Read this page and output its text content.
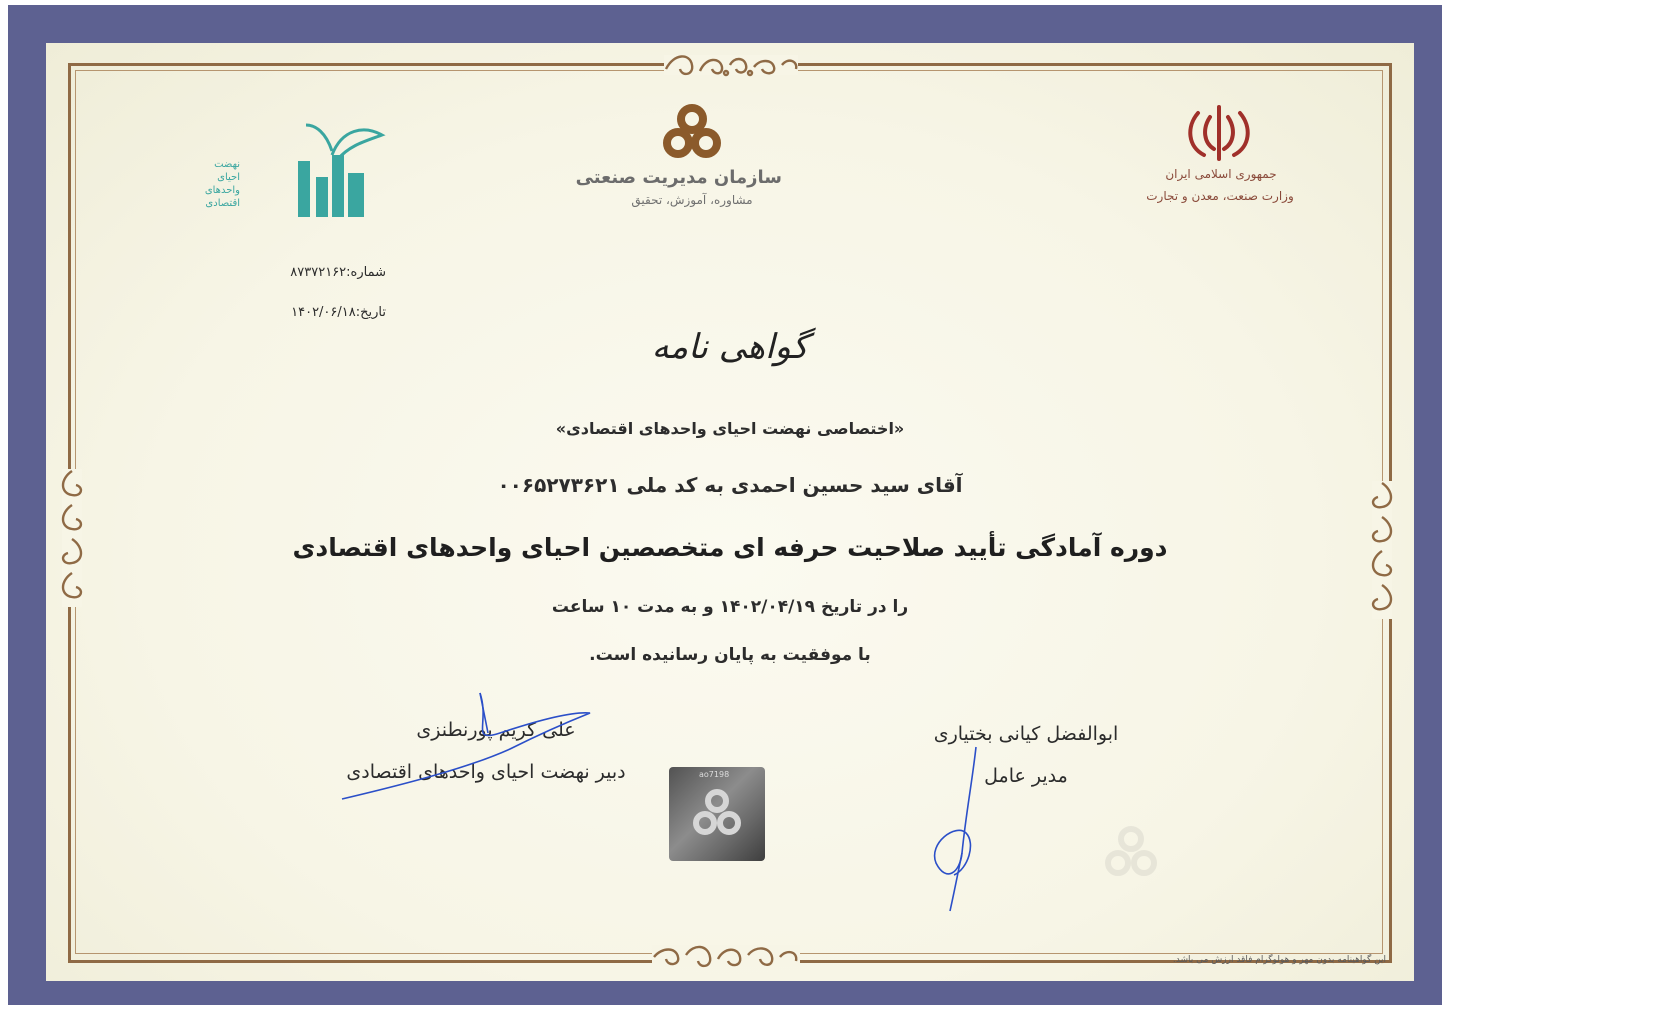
جمهوری اسلامی ایران
وزارت صنعت، معدن و تجارت
سازمان مدیریت صنعتی
مشاوره، آموزش، تحقیق
نهضت
احیای
واحدهای
اقتصادی
شماره:۸۷۳۷۲۱۶۲
تاریخ:۱۴۰۲/۰۶/۱۸
گواهی نامه
«اختصاصی نهضت احیای واحدهای اقتصادی»
آقای سید حسین احمدی به کد ملی ۰۰۶۵۲۷۳۶۲۱
دوره آمادگی تأیید صلاحیت حرفه ای متخصصین احیای واحدهای اقتصادی
را در تاریخ ۱۴۰۲/۰۴/۱۹ و به مدت ۱۰ ساعت
با موفقیت به پایان رسانیده است.
علی کریم پورنطنزی
دبیر نهضت احیای واحدهای اقتصادی	ao7198
ابوالفضل کیانی بختیاری
مدیر عامل
این گواهینامه بدون مهر و هولوگرام فاقد ارزش می باشد.
